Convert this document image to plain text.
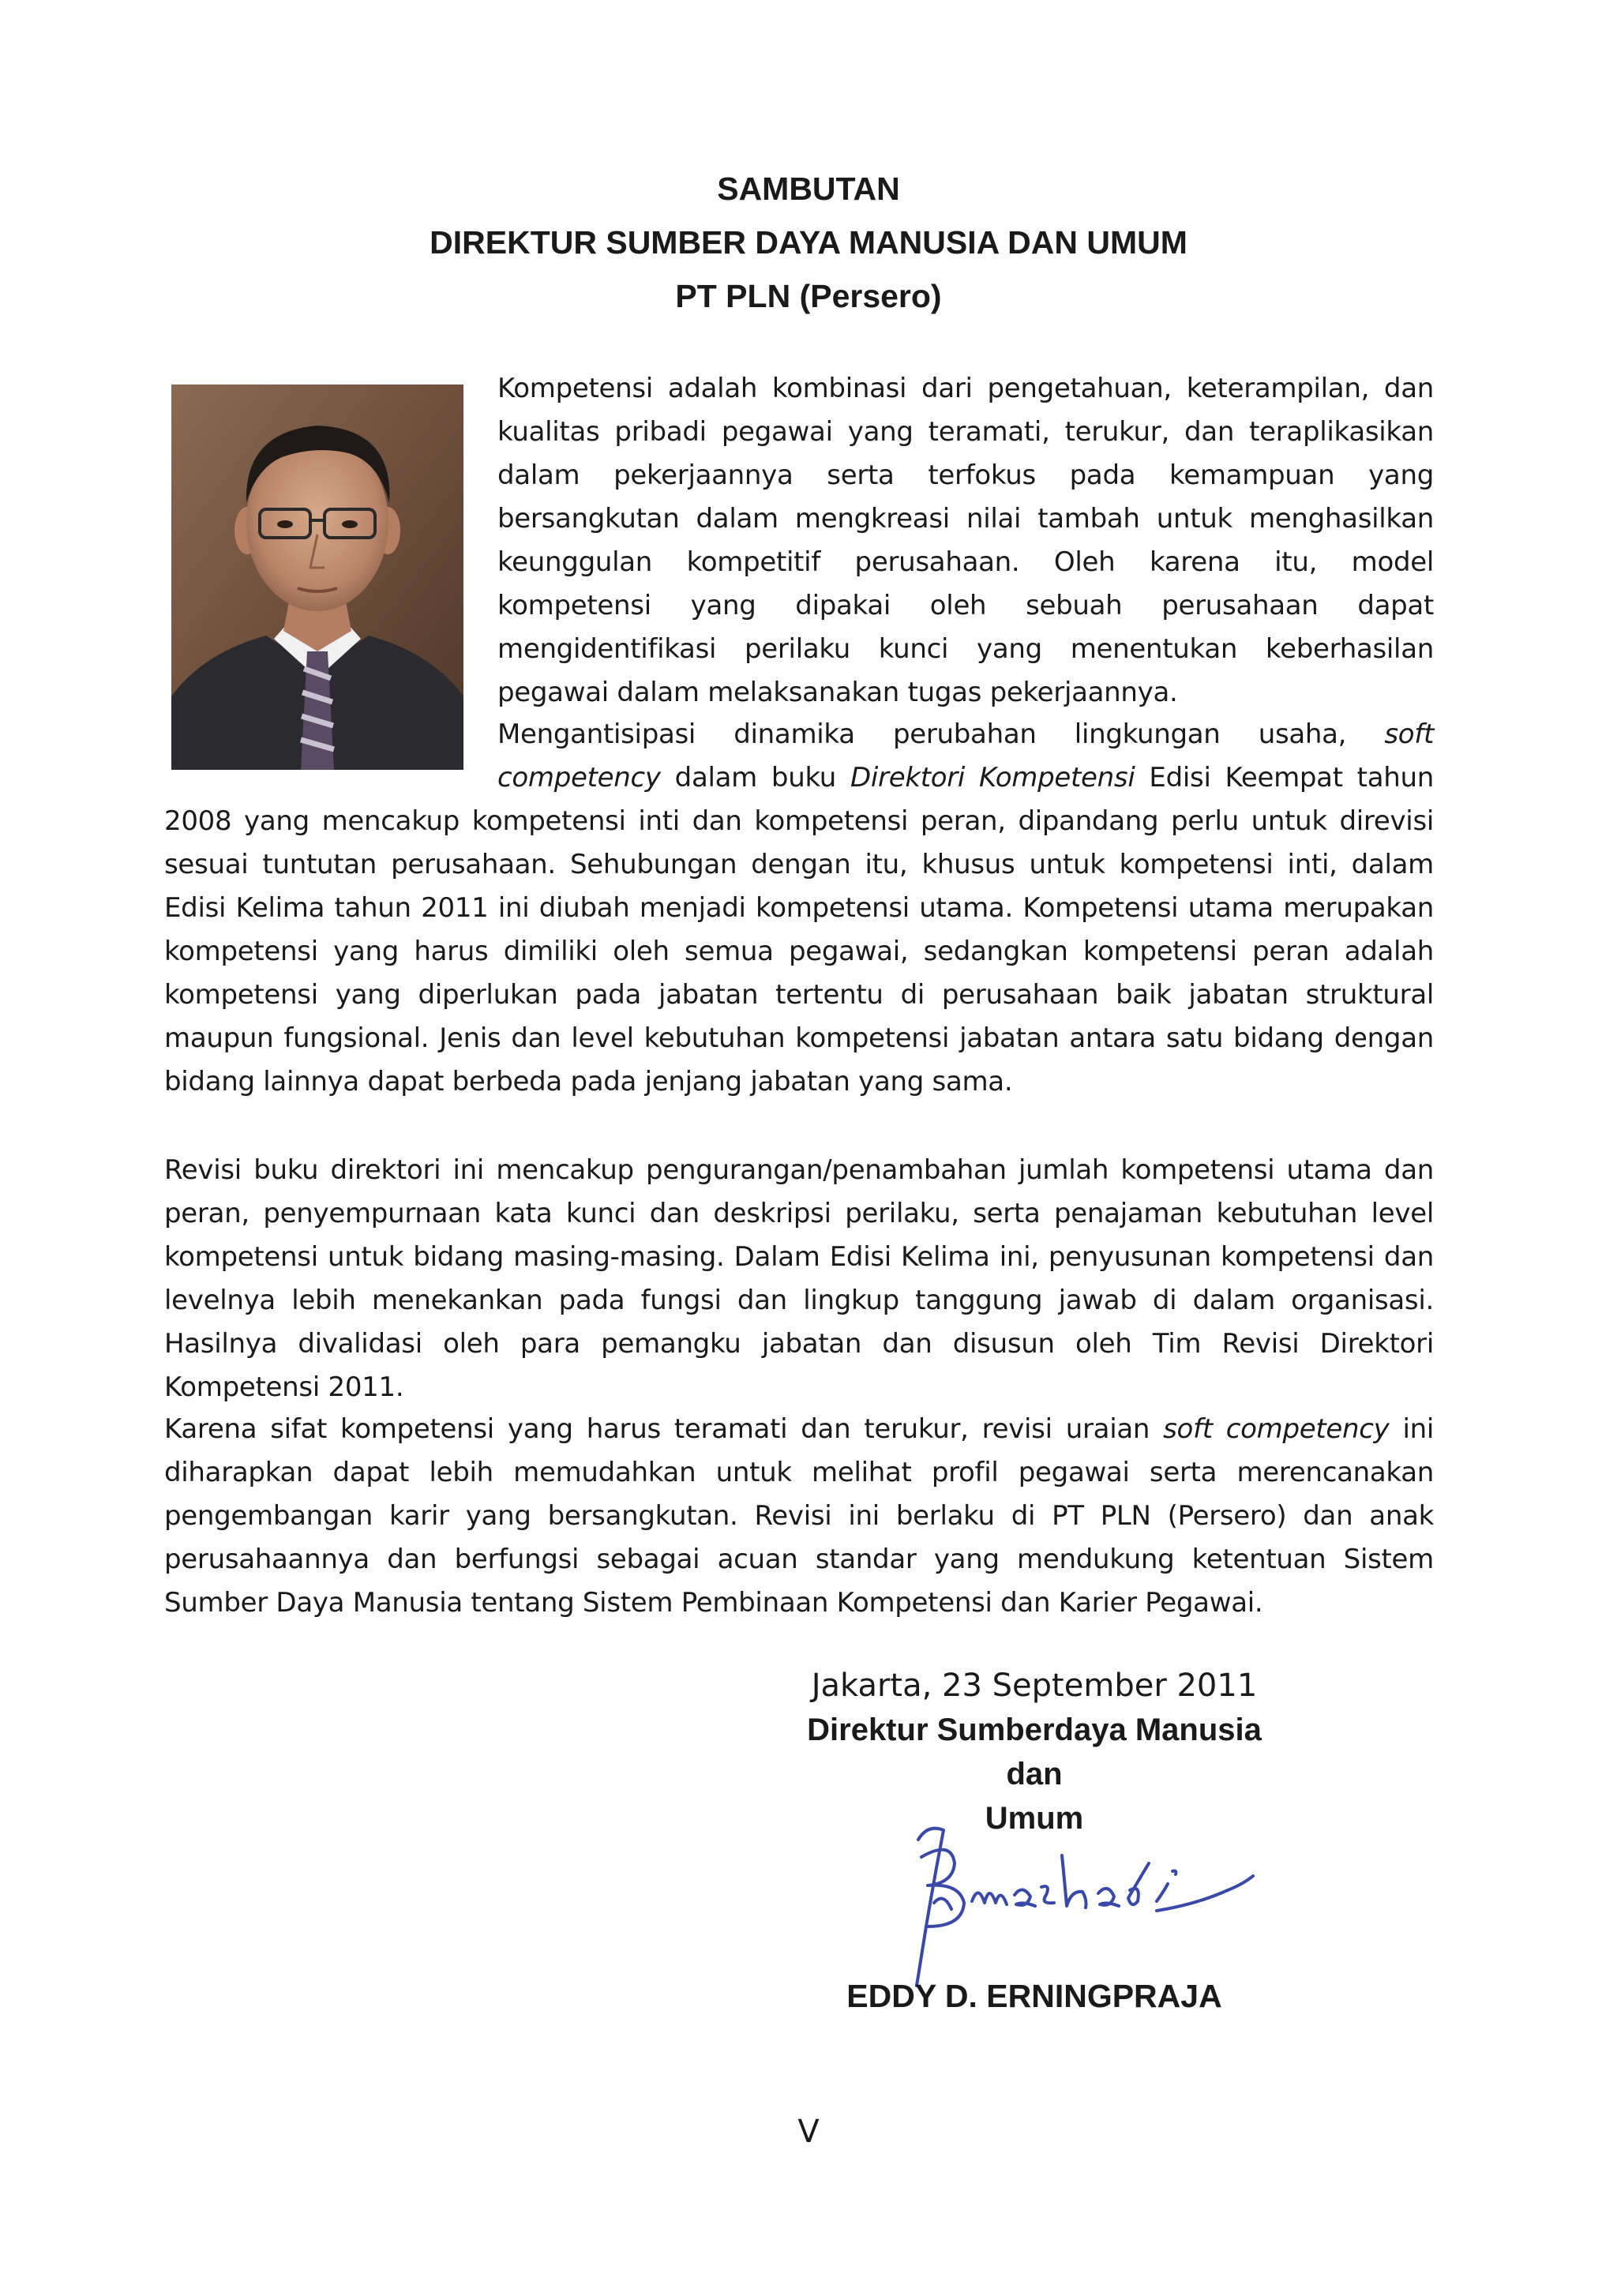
SAMBUTAN
DIREKTUR SUMBER DAYA MANUSIA DAN UMUM
PT PLN (Persero)
Kompetensi adalah kombinasi dari pengetahuan, keterampilan, dan kualitas pribadi pegawai yang teramati, terukur, dan teraplikasikan dalam pekerjaannya serta terfokus pada kemampuan yang bersangkutan dalam mengkreasi nilai tambah untuk menghasilkan keunggulan kompetitif perusahaan. Oleh karena itu, model kompetensi yang dipakai oleh sebuah perusahaan dapat mengidentifikasi perilaku kunci yang menentukan keberhasilan pegawai dalam melaksanakan tugas pekerjaannya.
Mengantisipasi dinamika perubahan lingkungan usaha, soft competency dalam buku Direktori Kompetensi Edisi Keempat tahun 2008 yang mencakup kompetensi inti dan kompetensi peran, dipandang perlu untuk direvisi sesuai tuntutan perusahaan. Sehubungan dengan itu, khusus untuk kompetensi inti, dalam Edisi Kelima tahun 2011 ini diubah menjadi kompetensi utama. Kompetensi utama merupakan kompetensi yang harus dimiliki oleh semua pegawai, sedangkan kompetensi peran adalah kompetensi yang diperlukan pada jabatan tertentu di perusahaan baik jabatan struktural maupun fungsional. Jenis dan level kebutuhan kompetensi jabatan antara satu bidang dengan bidang lainnya dapat berbeda pada jenjang jabatan yang sama.
Revisi buku direktori ini mencakup pengurangan/penambahan jumlah kompetensi utama dan peran, penyempurnaan kata kunci dan deskripsi perilaku, serta penajaman kebutuhan level kompetensi untuk bidang masing-masing. Dalam Edisi Kelima ini, penyusunan kompetensi dan levelnya lebih menekankan pada fungsi dan lingkup tanggung jawab di dalam organisasi. Hasilnya divalidasi oleh para pemangku jabatan dan disusun oleh Tim Revisi Direktori Kompetensi 2011.
Karena sifat kompetensi yang harus teramati dan terukur, revisi uraian soft competency ini diharapkan dapat lebih memudahkan untuk melihat profil pegawai serta merencanakan pengembangan karir yang bersangkutan. Revisi ini berlaku di PT PLN (Persero) dan anak perusahaannya dan berfungsi sebagai acuan standar yang mendukung ketentuan Sistem Sumber Daya Manusia tentang Sistem Pembinaan Kompetensi dan Karier Pegawai.
Jakarta, 23 September 2011
Direktur Sumberdaya Manusia dan
Umum
EDDY D. ERNINGPRAJA
V
